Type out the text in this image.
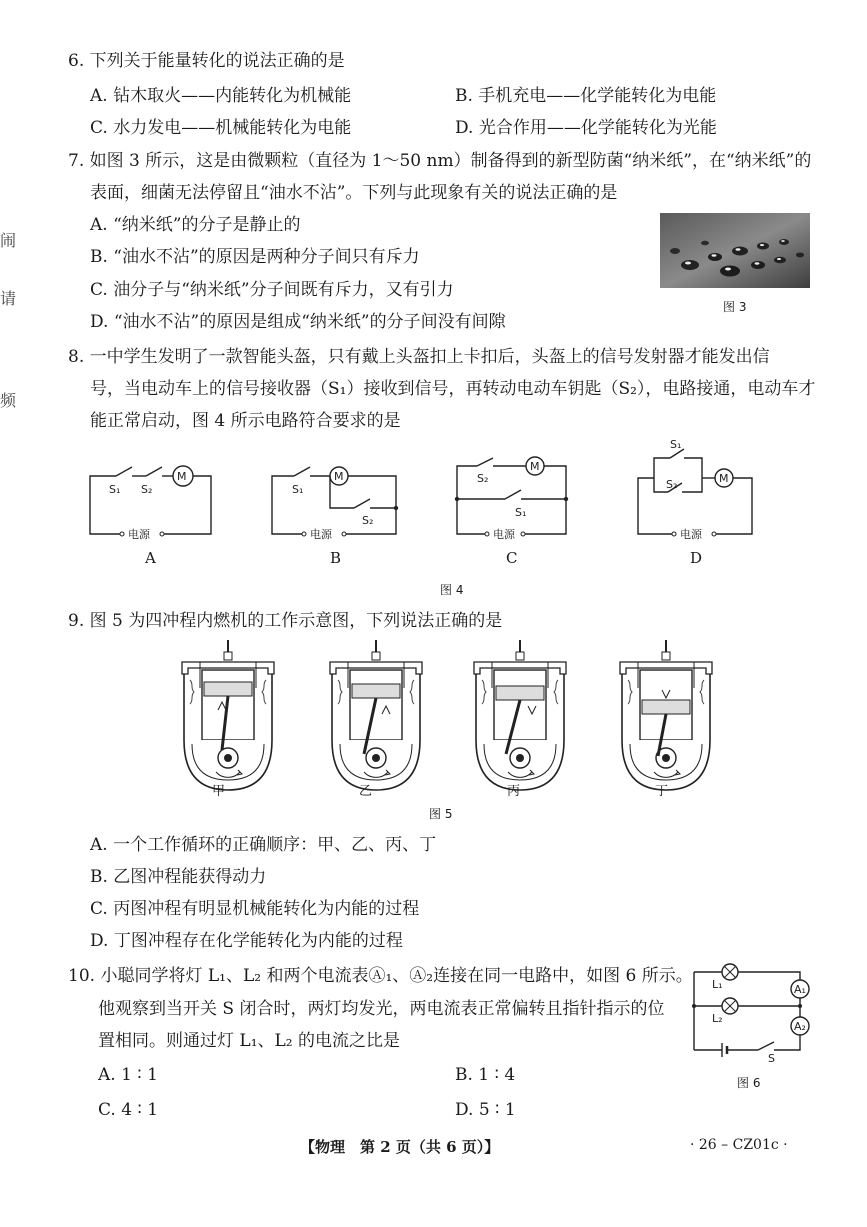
闹
请
频
6. 下列关于能量转化的说法正确的是
A. 钻木取火——内能转化为机械能	B. 手机充电——化学能转化为电能
C. 水力发电——机械能转化为电能	D. 光合作用——化学能转化为光能
7. 如图 3 所示，这是由微颗粒（直径为 1～50 nm）制备得到的新型防菌“纳米纸”，在“纳米纸”的
表面，细菌无法停留且“油水不沾”。下列与此现象有关的说法正确的是
A. “纳米纸”的分子是静止的
B. “油水不沾”的原因是两种分子间只有斥力
C. 油分子与“纳米纸”分子间既有斥力，又有引力
D. “油水不沾”的原因是组成“纳米纸”的分子间没有间隙
图 3
8. 一中学生发明了一款智能头盔，只有戴上头盔扣上卡扣后，头盔上的信号发射器才能发出信
号，当电动车上的信号接收器（S₁）接收到信号，再转动电动车钥匙（S₂），电路接通，电动车才
能正常启动，图 4 所示电路符合要求的是
S₁ S₂
M
电源
A
S₁
S₂
M
电源
B
S₂
S₁
M
电源
C
S₁
S₂	M
电源
D
图 4
9. 图 5 为四冲程内燃机的工作示意图，下列说法正确的是
甲	乙	丙	丁
图 5
A. 一个工作循环的正确顺序：甲、乙、丙、丁
B. 乙图冲程能获得动力
C. 丙图冲程有明显机械能转化为内能的过程
D. 丁图冲程存在化学能转化为内能的过程
10. 小聪同学将灯 L₁、L₂ 和两个电流表Ⓐ₁、Ⓐ₂连接在同一电路中，如图 6 所示。
他观察到当开关 S 闭合时，两灯均发光，两电流表正常偏转且指针指示的位
置相同。则通过灯 L₁、L₂ 的电流之比是
A. 1 ∶ 1	B. 1 ∶ 4
C. 4 ∶ 1	D. 5 ∶ 1
L₁
L₂
A₁
A₂
S
图 6
【物理　第 2 页（共 6 页）】	· 26 – CZ01c ·
